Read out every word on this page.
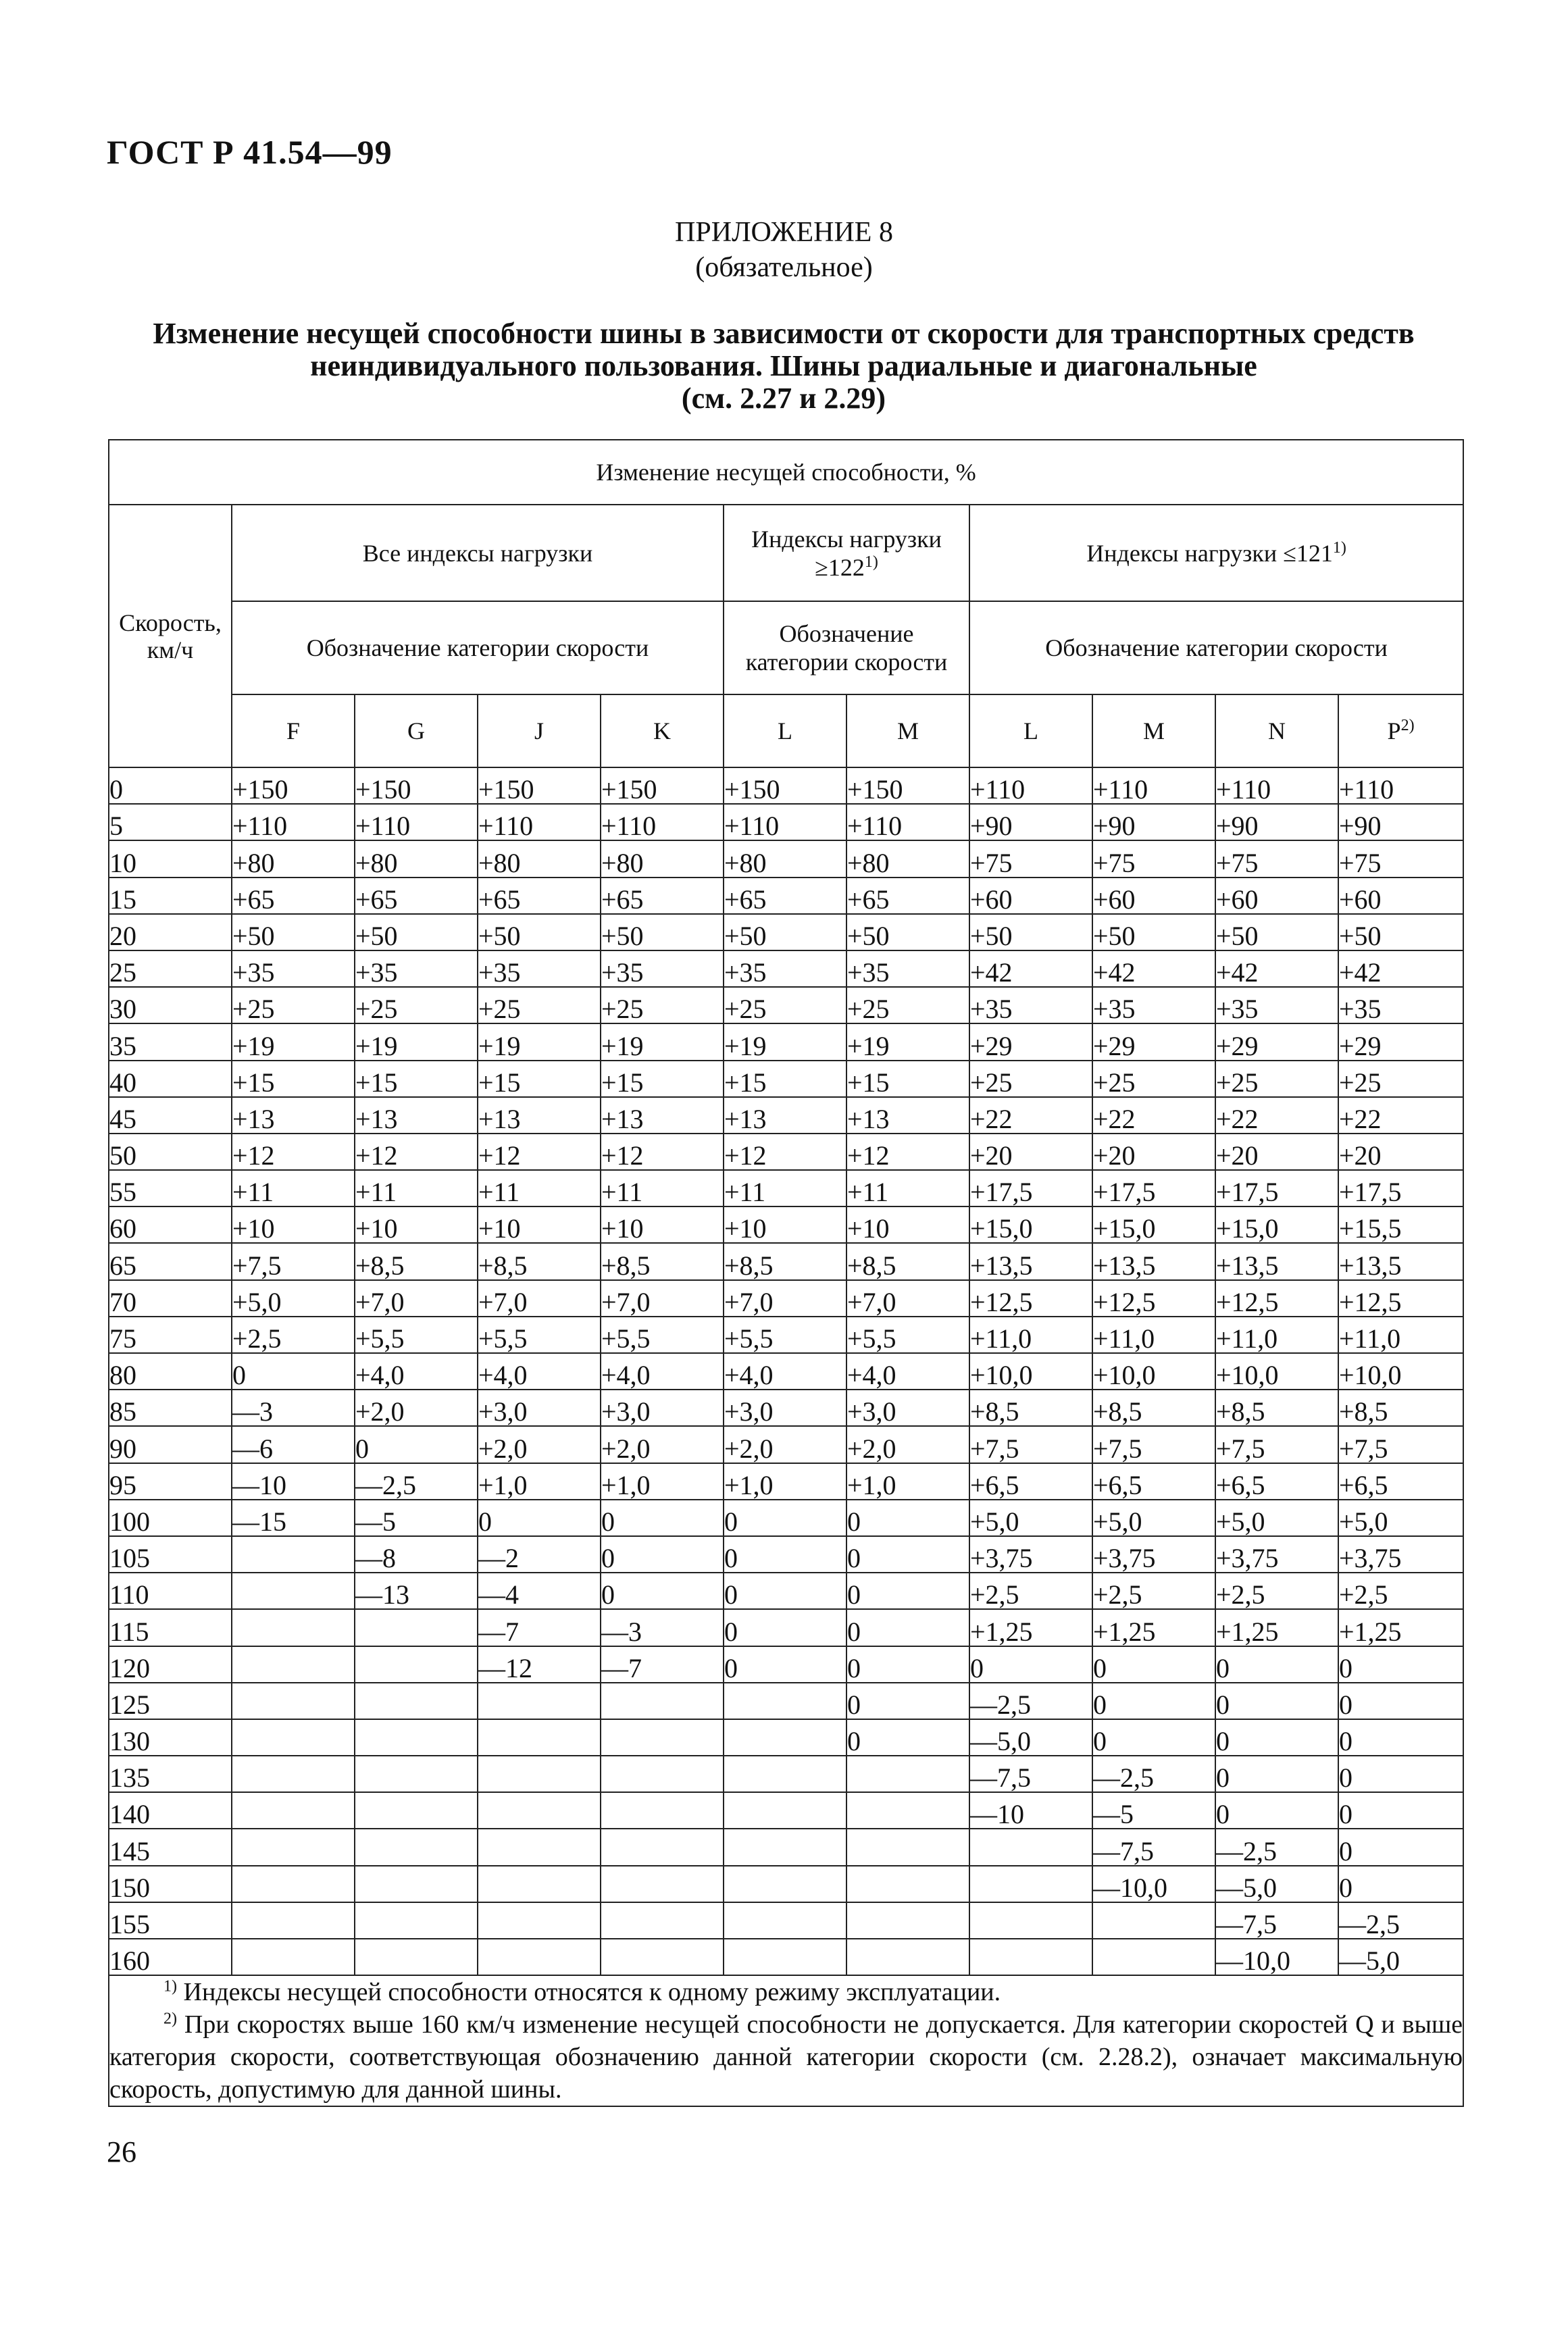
ГОСТ Р 41.54—99
ПРИЛОЖЕНИЕ 8
(обязательное)
Изменение несущей способности шины в зависимости от скорости для транспортных средств
неиндивидуального пользования. Шины радиальные и диагональные
(см. 2.27 и 2.29)
Изменение несущей способности, %										
Скорость, км/ч	Все индексы нагрузки				Индексы нагрузки $\ge 122^{1)}$		Индексы нагрузки $\le 121^{1)}$
	Обозначение категории скорости				Обозначение категории скорости		Обозначение категории скорости			
	F	G	J	K	L	M	L	M	N	$P^{2)}$
0	+150	+150	+150	+150	+150	+150	+110	+110	+110	+110
5	+110	+110	+110	+110	+110	+110	+90	+90	+90	+90
10	+80	+80	+80	+80	+80	+80	+75	+75	+75	+75
15	+65	+65	+65	+65	+65	+65	+60	+60	+60	+60
20	+50	+50	+50	+50	+50	+50	+50	+50	+50	+50
25	+35	+35	+35	+35	+35	+35	+42	+42	+42	+42
30	+25	+25	+25	+25	+25	+25	+35	+35	+35	+35
35	+19	+19	+19	+19	+19	+19	+29	+29	+29	+29
40	+15	+15	+15	+15	+15	+15	+25	+25	+25	+25
45	+13	+13	+13	+13	+13	+13	+22	+22	+22	+22
50	+12	+12	+12	+12	+12	+12	+20	+20	+20	+20
55	+11	+11	+11	+11	+11	+11	+17,5	+17,5	+17,5	+17,5
60	+10	+10	+10	+10	+10	+10	+15,0	+15,0	+15,0	+15,5
65	+7,5	+8,5	+8,5	+8,5	+8,5	+8,5	+13,5	+13,5	+13,5	+13,5
70	+5,0	+7,0	+7,0	+7,0	+7,0	+7,0	+12,5	+12,5	+12,5	+12,5
75	+2,5	+5,5	+5,5	+5,5	+5,5	+5,5	+11,0	+11,0	+11,0	+11,0
80	0	+4,0	+4,0	+4,0	+4,0	+4,0	+10,0	+10,0	+10,0	+10,0
85	—3	+2,0	+3,0	+3,0	+3,0	+3,0	+8,5	+8,5	+8,5	+8,5
90	—6	0	+2,0	+2,0	+2,0	+2,0	+7,5	+7,5	+7,5	+7,5
95	—10	—2,5	+1,0	+1,0	+1,0	+1,0	+6,5	+6,5	+6,5	+6,5
100	—15	—5	0	0	0	0	+5,0	+5,0	+5,0	+5,0
105		—8	—2	0	0	0	+3,75	+3,75	+3,75	+3,75
110		—13	—4	0	0	0	+2,5	+2,5	+2,5	+2,5
115			—7	—3	0	0	+1,25	+1,25	+1,25	+1,25
120			—12	—7	0	0	0	0	0	0
125						0	—2,5	0	0	0
130						0	—5,0	0	0	0
135							—7,5	—2,5	0	0
140							—10	—5	0	0
145								—7,5	—2,5	0
150								—10,0	—5,0	0
155									—7,5	—2,5
160									—10,0	—5,0

$^{1)}$ Индексы несущей способности относятся к одному режиму эксплуатации.
$^{2)}$ При скоростях выше 160 км/ч изменение несущей способности не допускается. Для категории скоростей Q и выше категория скорости, соответствующая обозначению данной категории скорости (см. 2.28.2), означает максимальную скорость, допустимую для данной шины.										
26
